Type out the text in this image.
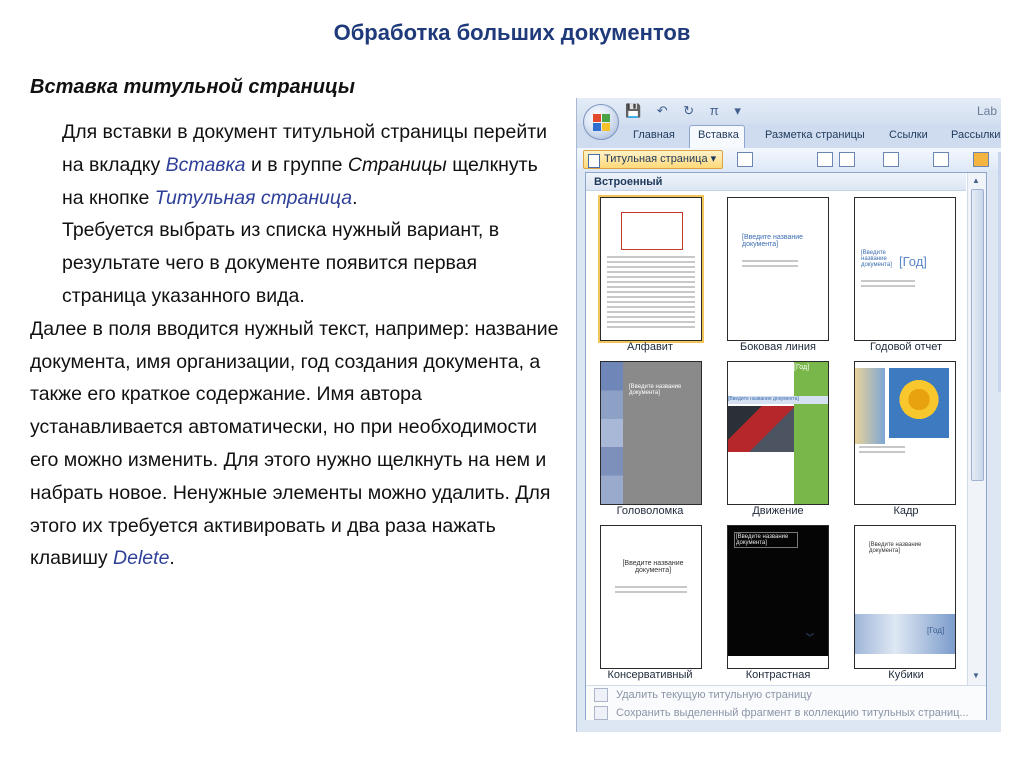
Обработка больших документов
Вставка титульной страницы

Для вставки в документ титульной страницы перейти на вкладку Вставка и в группе Страницы щелкнуть на кнопке Титульная страница.

Требуется выбрать из списка нужный вариант, в результате чего в документе появится первая страница указанного вида.

Далее в поля вводится нужный текст, например: название документа, имя организации, год создания документа, а также его краткое содержание. Имя автора устанавливается автоматически, но при необходимости его можно изменить. Для этого нужно щелкнуть на нем и набрать новое. Ненужные элементы можно удалить. Для этого их требуется активировать и два раза нажать клавишу Delete.

💾 ↶ ↻ π ▾	Lab
Главная	Вставка	Разметка страницы Ссылки Рассылки
Титульная страница ▾
Встроенный	▲
▼
Алфавит
[Введите название документа]
Боковая линия
[Введите название документа] [Год]
Годовой отчет
[Введите название документа]
Головоломка
[Год]
[Введите название документа]
Движение	Кадр
[Введите название документа]
Консервативный
[Введите название документа]
︾
Контрастная
[Введите название документа]
[Год]
Кубики
Удалить текущую титульную страницу
Сохранить выделенный фрагмент в коллекцию титульных страниц...
